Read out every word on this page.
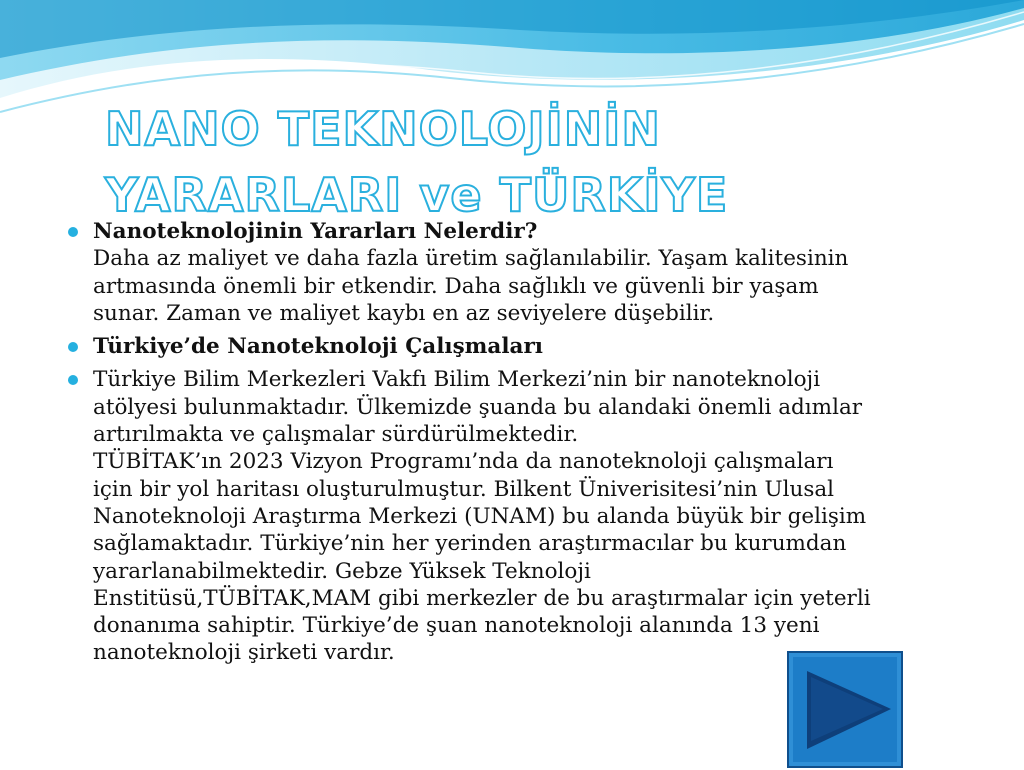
NANO TEKNOLOJİNİN
YARARLARI ve TÜRKİYE
Nanoteknolojinin Yararları Nelerdir?
Daha az maliyet ve daha fazla üretim sağlanılabilir. Yaşam kalitesinin
artmasında önemli bir etkendir. Daha sağlıklı ve güvenli bir yaşam
sunar. Zaman ve maliyet kaybı en az seviyelere düşebilir.
Türkiye’de Nanoteknoloji Çalışmaları
Türkiye Bilim Merkezleri Vakfı Bilim Merkezi’nin bir nanoteknoloji
atölyesi bulunmaktadır. Ülkemizde şuanda bu alandaki önemli adımlar
artırılmakta ve çalışmalar sürdürülmektedir.
TÜBİTAK’ın 2023 Vizyon Programı’nda da nanoteknoloji çalışmaları
için bir yol haritası oluşturulmuştur. Bilkent Üniverisitesi’nin Ulusal
Nanoteknoloji Araştırma Merkezi (UNAM) bu alanda büyük bir gelişim
sağlamaktadır. Türkiye’nin her yerinden araştırmacılar bu kurumdan
yararlanabilmektedir. Gebze Yüksek Teknoloji
Enstitüsü,TÜBİTAK,MAM gibi merkezler de bu araştırmalar için yeterli
donanıma sahiptir. Türkiye’de şuan nanoteknoloji alanında 13 yeni
nanoteknoloji şirketi vardır.
